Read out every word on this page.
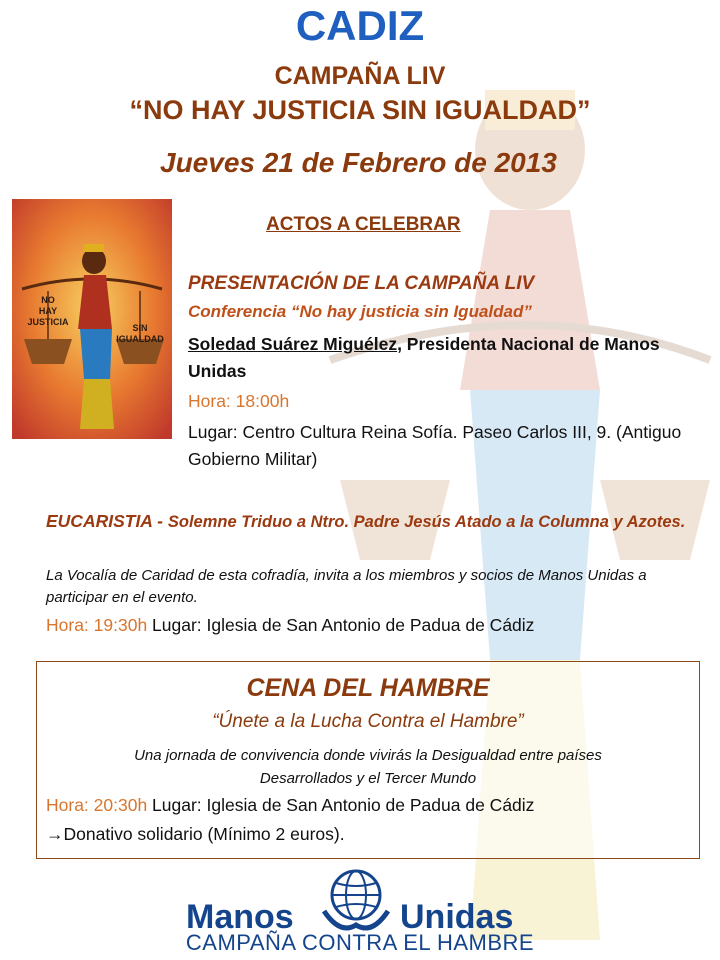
CADIZ
CAMPAÑA LIV
“NO HAY JUSTICIA SIN IGUALDAD”
Jueves 21 de Febrero de 2013
NO
HAY
JUSTICIA
SIN
IGUALDAD
ACTOS A CELEBRAR
PRESENTACIÓN DE LA CAMPAÑA LIV
Conferencia “No hay justicia sin Igualdad”
Soledad Suárez Miguélez, Presidenta Nacional de Manos Unidas
Hora: 18:00h
Lugar: Centro Cultura Reina Sofía. Paseo Carlos III, 9. (Antiguo Gobierno Militar)
EUCARISTIA - Solemne Triduo a Ntro. Padre Jesús Atado a la Columna y Azotes.
La Vocalía de Caridad de esta cofradía, invita a los miembros y socios de Manos Unidas a participar en el evento.
Hora: 19:30h Lugar: Iglesia de San Antonio de Padua de Cádiz
CENA DEL HAMBRE
“Únete a la Lucha Contra el Hambre”
Una jornada de convivencia donde vivirás la Desigualdad entre países
Desarrollados y el Tercer Mundo
Hora: 20:30h Lugar: Iglesia de San Antonio de Padua de Cádiz
→Donativo solidario (Mínimo 2 euros).
Manos	Unidas
CAMPAÑA CONTRA EL HAMBRE
